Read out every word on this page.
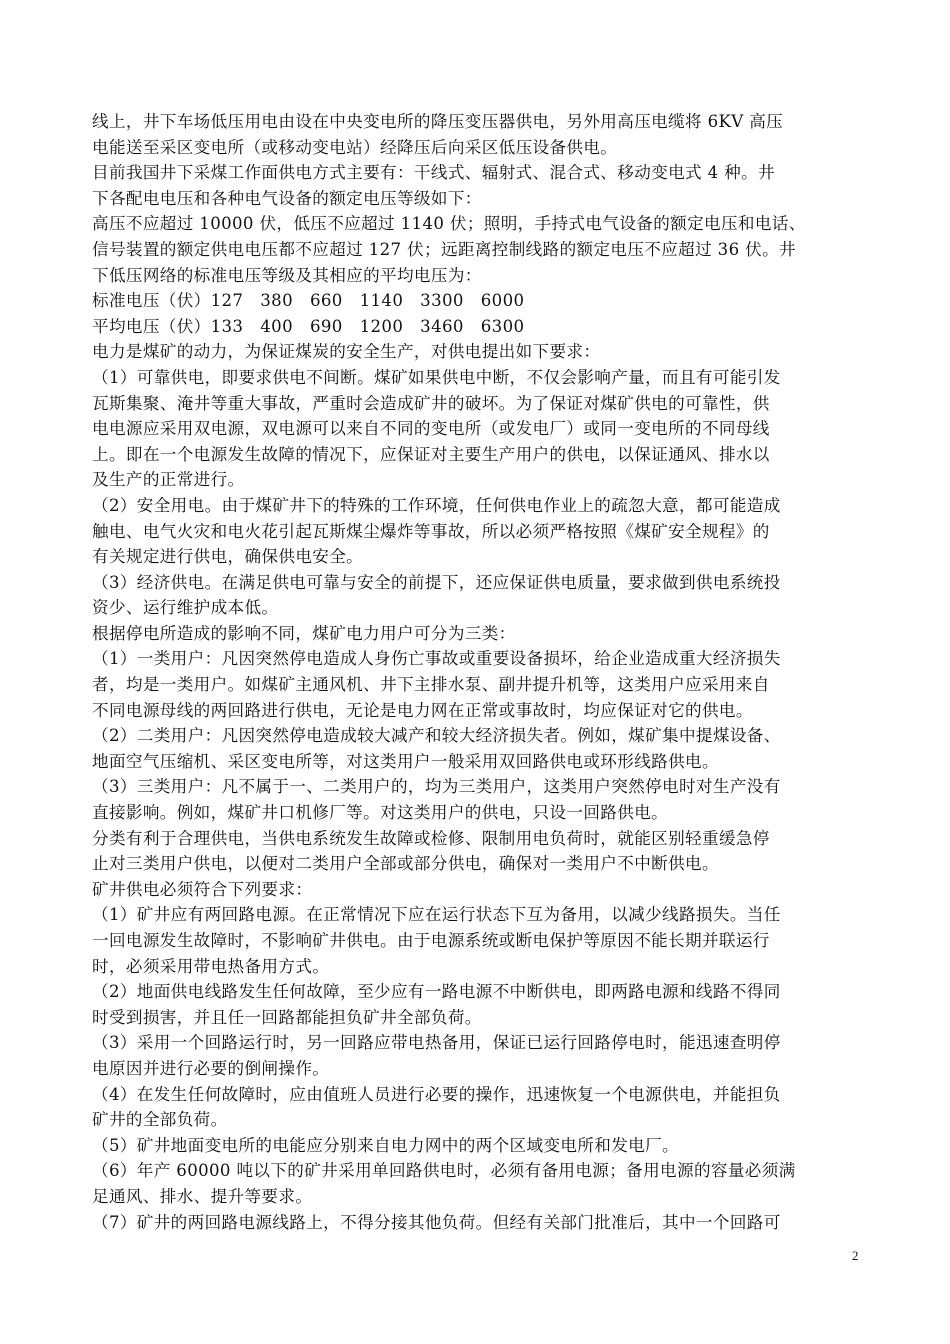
线上，井下车场低压用电由设在中央变电所的降压变压器供电，另外用高压电缆将 6KV 高压
电能送至采区变电所（或移动变电站）经降压后向采区低压设备供电。
目前我国井下采煤工作面供电方式主要有：干线式、辐射式、混合式、移动变电式 4 种。井
下各配电电压和各种电气设备的额定电压等级如下：
高压不应超过 10000 伏，低压不应超过 1140 伏；照明，手持式电气设备的额定电压和电话、
信号装置的额定供电电压都不应超过 127 伏；远距离控制线路的额定电压不应超过 36 伏。井
下低压网络的标准电压等级及其相应的平均电压为：
标准电压（伏）127　380　660　1140　3300　6000
平均电压（伏）133　400　690　1200　3460　6300
电力是煤矿的动力，为保证煤炭的安全生产，对供电提出如下要求：
（1）可靠供电，即要求供电不间断。煤矿如果供电中断，不仅会影响产量，而且有可能引发
瓦斯集聚、淹井等重大事故，严重时会造成矿井的破坏。为了保证对煤矿供电的可靠性，供
电电源应采用双电源，双电源可以来自不同的变电所（或发电厂）或同一变电所的不同母线
上。即在一个电源发生故障的情况下，应保证对主要生产用户的供电，以保证通风、排水以
及生产的正常进行。
（2）安全用电。由于煤矿井下的特殊的工作环境，任何供电作业上的疏忽大意，都可能造成
触电、电气火灾和电火花引起瓦斯煤尘爆炸等事故，所以必须严格按照《煤矿安全规程》的
有关规定进行供电，确保供电安全。
（3）经济供电。在满足供电可靠与安全的前提下，还应保证供电质量，要求做到供电系统投
资少、运行维护成本低。
根据停电所造成的影响不同，煤矿电力用户可分为三类：
（1）一类用户：凡因突然停电造成人身伤亡事故或重要设备损坏，给企业造成重大经济损失
者，均是一类用户。如煤矿主通风机、井下主排水泵、副井提升机等，这类用户应采用来自
不同电源母线的两回路进行供电，无论是电力网在正常或事故时，均应保证对它的供电。
（2）二类用户：凡因突然停电造成较大减产和较大经济损失者。例如，煤矿集中提煤设备、
地面空气压缩机、采区变电所等，对这类用户一般采用双回路供电或环形线路供电。
（3）三类用户：凡不属于一、二类用户的，均为三类用户，这类用户突然停电时对生产没有
直接影响。例如，煤矿井口机修厂等。对这类用户的供电，只设一回路供电。
分类有利于合理供电，当供电系统发生故障或检修、限制用电负荷时，就能区别轻重缓急停
止对三类用户供电，以便对二类用户全部或部分供电，确保对一类用户不中断供电。
矿井供电必须符合下列要求：
（1）矿井应有两回路电源。在正常情况下应在运行状态下互为备用，以减少线路损失。当任
一回电源发生故障时，不影响矿井供电。由于电源系统或断电保护等原因不能长期并联运行
时，必须采用带电热备用方式。
（2）地面供电线路发生任何故障，至少应有一路电源不中断供电，即两路电源和线路不得同
时受到损害，并且任一回路都能担负矿井全部负荷。
（3）采用一个回路运行时，另一回路应带电热备用，保证已运行回路停电时，能迅速查明停
电原因并进行必要的倒闸操作。
（4）在发生任何故障时，应由值班人员进行必要的操作，迅速恢复一个电源供电，并能担负
矿井的全部负荷。
（5）矿井地面变电所的电能应分别来自电力网中的两个区域变电所和发电厂。
（6）年产 60000 吨以下的矿井采用单回路供电时，必须有备用电源；备用电源的容量必须满
足通风、排水、提升等要求。
（7）矿井的两回路电源线路上，不得分接其他负荷。但经有关部门批准后，其中一个回路可
2
